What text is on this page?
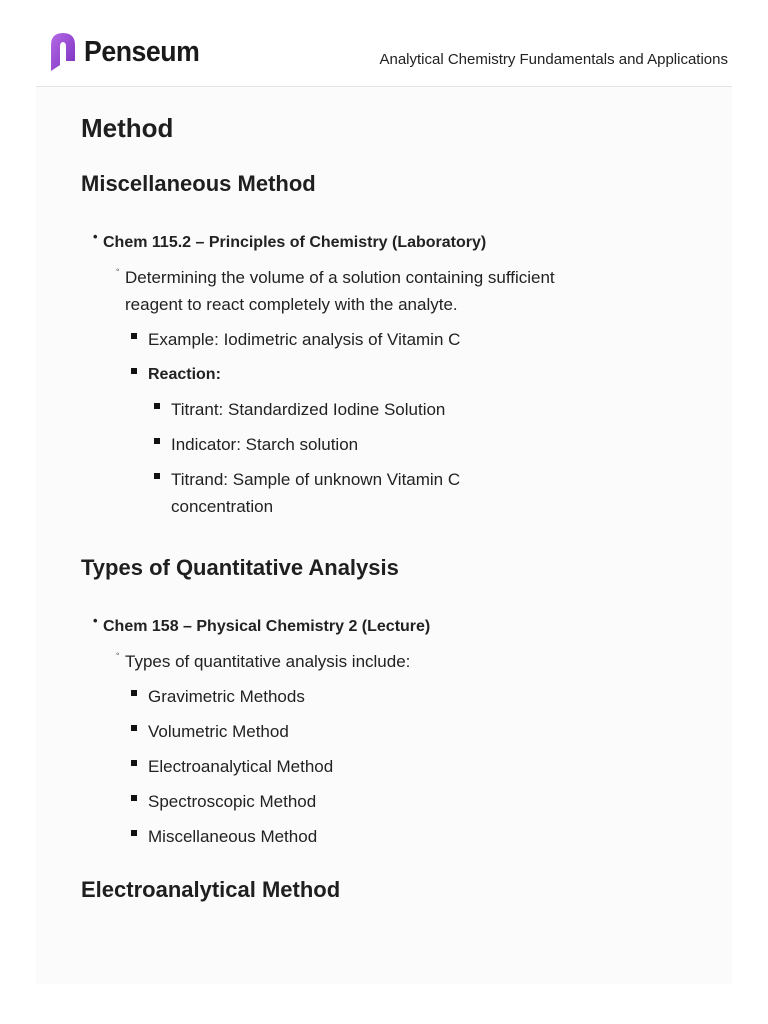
Penseum	Analytical Chemistry Fundamentals and Applications
Method
Miscellaneous Method
• Chem 115.2 – Principles of Chemistry (Laboratory)
◦ Determining the volume of a solution containing sufficient
reagent to react completely with the analyte.
Example: Iodimetric analysis of Vitamin C
Reaction:
Titrant: Standardized Iodine Solution
Indicator: Starch solution
Titrand: Sample of unknown Vitamin C
concentration
Types of Quantitative Analysis
• Chem 158 – Physical Chemistry 2 (Lecture)
◦ Types of quantitative analysis include:
Gravimetric Methods
Volumetric Method
Electroanalytical Method
Spectroscopic Method
Miscellaneous Method
Electroanalytical Method
